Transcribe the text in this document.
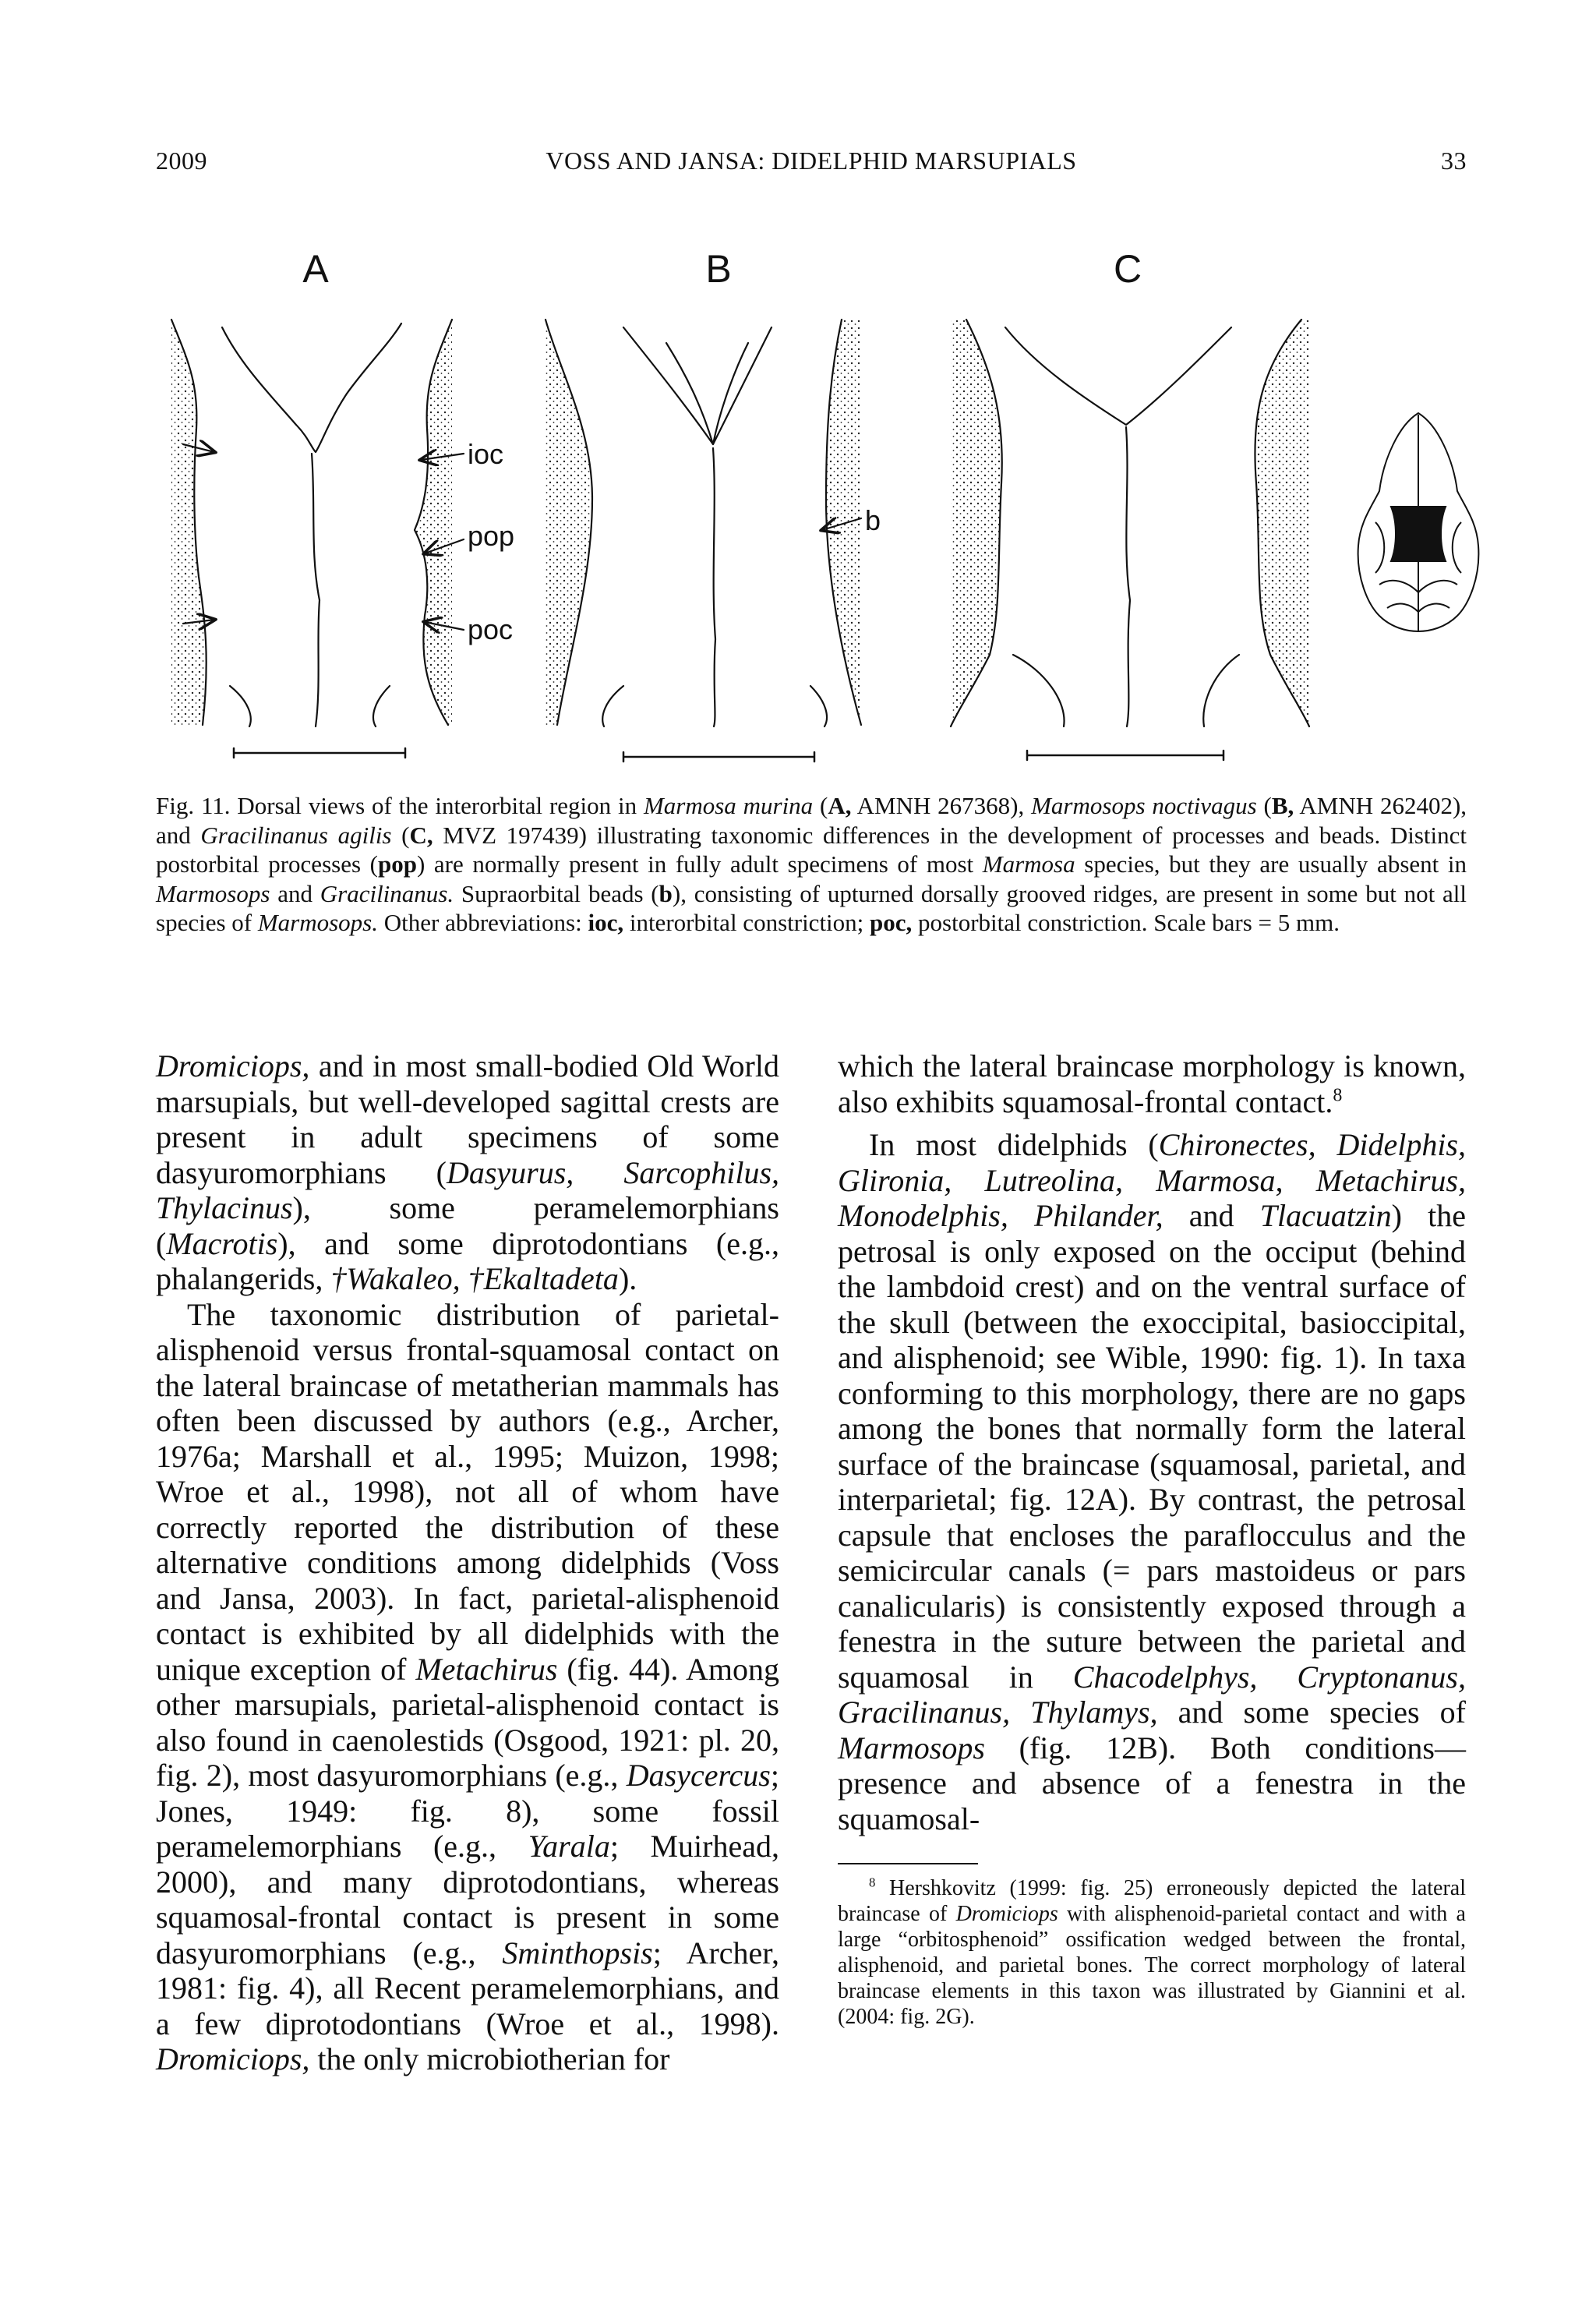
2009	VOSS AND JANSA: DIDELPHID MARSUPIALS	33
A	B	C
ioc
pop
poc
b

Fig. 11. Dorsal views of the interorbital region in Marmosa murina (A, AMNH 267368), Marmosops noctivagus (B, AMNH 262402), and Gracilinanus agilis (C, MVZ 197439) illustrating taxonomic differences in the development of processes and beads. Distinct postorbital processes (pop) are normally present in fully adult specimens of most Marmosa species, but they are usually absent in Marmosops and Gracilinanus. Supraorbital beads (b), consisting of upturned dorsally grooved ridges, are present in some but not all species of Marmosops. Other abbreviations: ioc, interorbital constriction; poc, postorbital constriction. Scale bars = 5 mm.

Dromiciops, and in most small-bodied Old World marsupials, but well-developed sagittal crests are present in adult specimens of some dasyuromorphians (Dasyurus, Sarcophilus, Thylacinus), some peramelemorphians (Macrotis), and some diprotodontians (e.g., phalangerids, †Wakaleo, †Ekaltadeta).

The taxonomic distribution of parietal-alisphenoid versus frontal-squamosal contact on the lateral braincase of metatherian mammals has often been discussed by authors (e.g., Archer, 1976a; Marshall et al., 1995; Muizon, 1998; Wroe et al., 1998), not all of whom have correctly reported the distribution of these alternative conditions among didelphids (Voss and Jansa, 2003). In fact, parietal-alisphenoid contact is exhibited by all didelphids with the unique exception of Metachirus (fig. 44). Among other marsupials, parietal-alisphenoid contact is also found in caenolestids (Osgood, 1921: pl. 20, fig. 2), most dasyuromorphians (e.g., Dasycercus; Jones, 1949: fig. 8), some fossil peramelemorphians (e.g., Yarala; Muirhead, 2000), and many diprotodontians, whereas squamosal-frontal contact is present in some dasyuromorphians (e.g., Sminthopsis; Archer, 1981: fig. 4), all Recent peramelemorphians, and a few diprotodontians (Wroe et al., 1998). Dromiciops, the only microbiotherian for

which the lateral braincase morphology is known, also exhibits squamosal-frontal contact.$^8$

In most didelphids (Chironectes, Didelphis, Glironia, Lutreolina, Marmosa, Metachirus, Monodelphis, Philander, and Tlacuatzin) the petrosal is only exposed on the occiput (behind the lambdoid crest) and on the ventral surface of the skull (between the exoccipital, basioccipital, and alisphenoid; see Wible, 1990: fig. 1). In taxa conforming to this morphology, there are no gaps among the bones that normally form the lateral surface of the braincase (squamosal, parietal, and interparietal; fig. 12A). By contrast, the petrosal capsule that encloses the paraflocculus and the semicircular canals (= pars mastoideus or pars canalicularis) is consistently exposed through a fenestra in the suture between the parietal and squamosal in Chacodelphys, Cryptonanus, Gracilinanus, Thylamys, and some species of Marmosops (fig. 12B). Both conditions—presence and absence of a fenestra in the squamosal-

$^8$ Hershkovitz (1999: fig. 25) erroneously depicted the lateral braincase of Dromiciops with alisphenoid-parietal contact and with a large “orbitosphenoid” ossification wedged between the frontal, alisphenoid, and parietal bones. The correct morphology of lateral braincase elements in this taxon was illustrated by Giannini et al. (2004: fig. 2G).
